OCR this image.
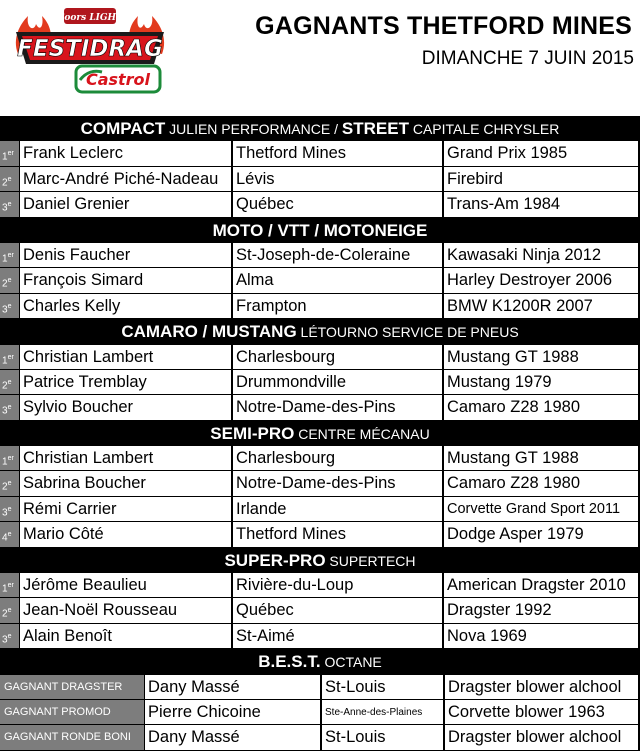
Coors LIGHT
FESTIDRAG
Castrol
GAGNANTS THETFORD MINES
DIMANCHE 7 JUIN 2015
COMPACT JULIEN PERFORMANCE / STREET CAPITALE CHRYSLER
1er Frank Leclerc	Thetford Mines	Grand Prix 1985
2e Marc-André Piché-Nadeau	Lévis	Firebird
3e Daniel Grenier	Québec	Trans-Am 1984
MOTO / VTT / MOTONEIGE
1er Denis Faucher	St-Joseph-de-Coleraine	Kawasaki Ninja 2012
2e François Simard	Alma	Harley Destroyer 2006
3e Charles Kelly	Frampton	BMW K1200R 2007
CAMARO / MUSTANG LÉTOURNO SERVICE DE PNEUS
1er Christian Lambert	Charlesbourg	Mustang GT 1988
2e Patrice Tremblay	Drummondville	Mustang 1979
3e Sylvio Boucher	Notre-Dame-des-Pins	Camaro Z28 1980
SEMI-PRO CENTRE MÉCANAU
1er Christian Lambert	Charlesbourg	Mustang GT 1988
2e Sabrina Boucher	Notre-Dame-des-Pins	Camaro Z28 1980
3e Rémi Carrier	Irlande	Corvette Grand Sport 2011
4e Mario Côté	Thetford Mines	Dodge Asper 1979
SUPER-PRO SUPERTECH
1er Jérôme Beaulieu	Rivière-du-Loup	American Dragster 2010
2e Jean-Noël Rousseau	Québec	Dragster 1992
3e Alain Benoît	St-Aimé	Nova 1969
B.E.S.T. OCTANE
GAGNANT DRAGSTER	Dany Massé	St-Louis	Dragster blower alchool
GAGNANT PROMOD	Pierre Chicoine	Ste-Anne-des-Plaines	Corvette blower 1963
GAGNANT RONDE BONI	Dany Massé	St-Louis	Dragster blower alchool
